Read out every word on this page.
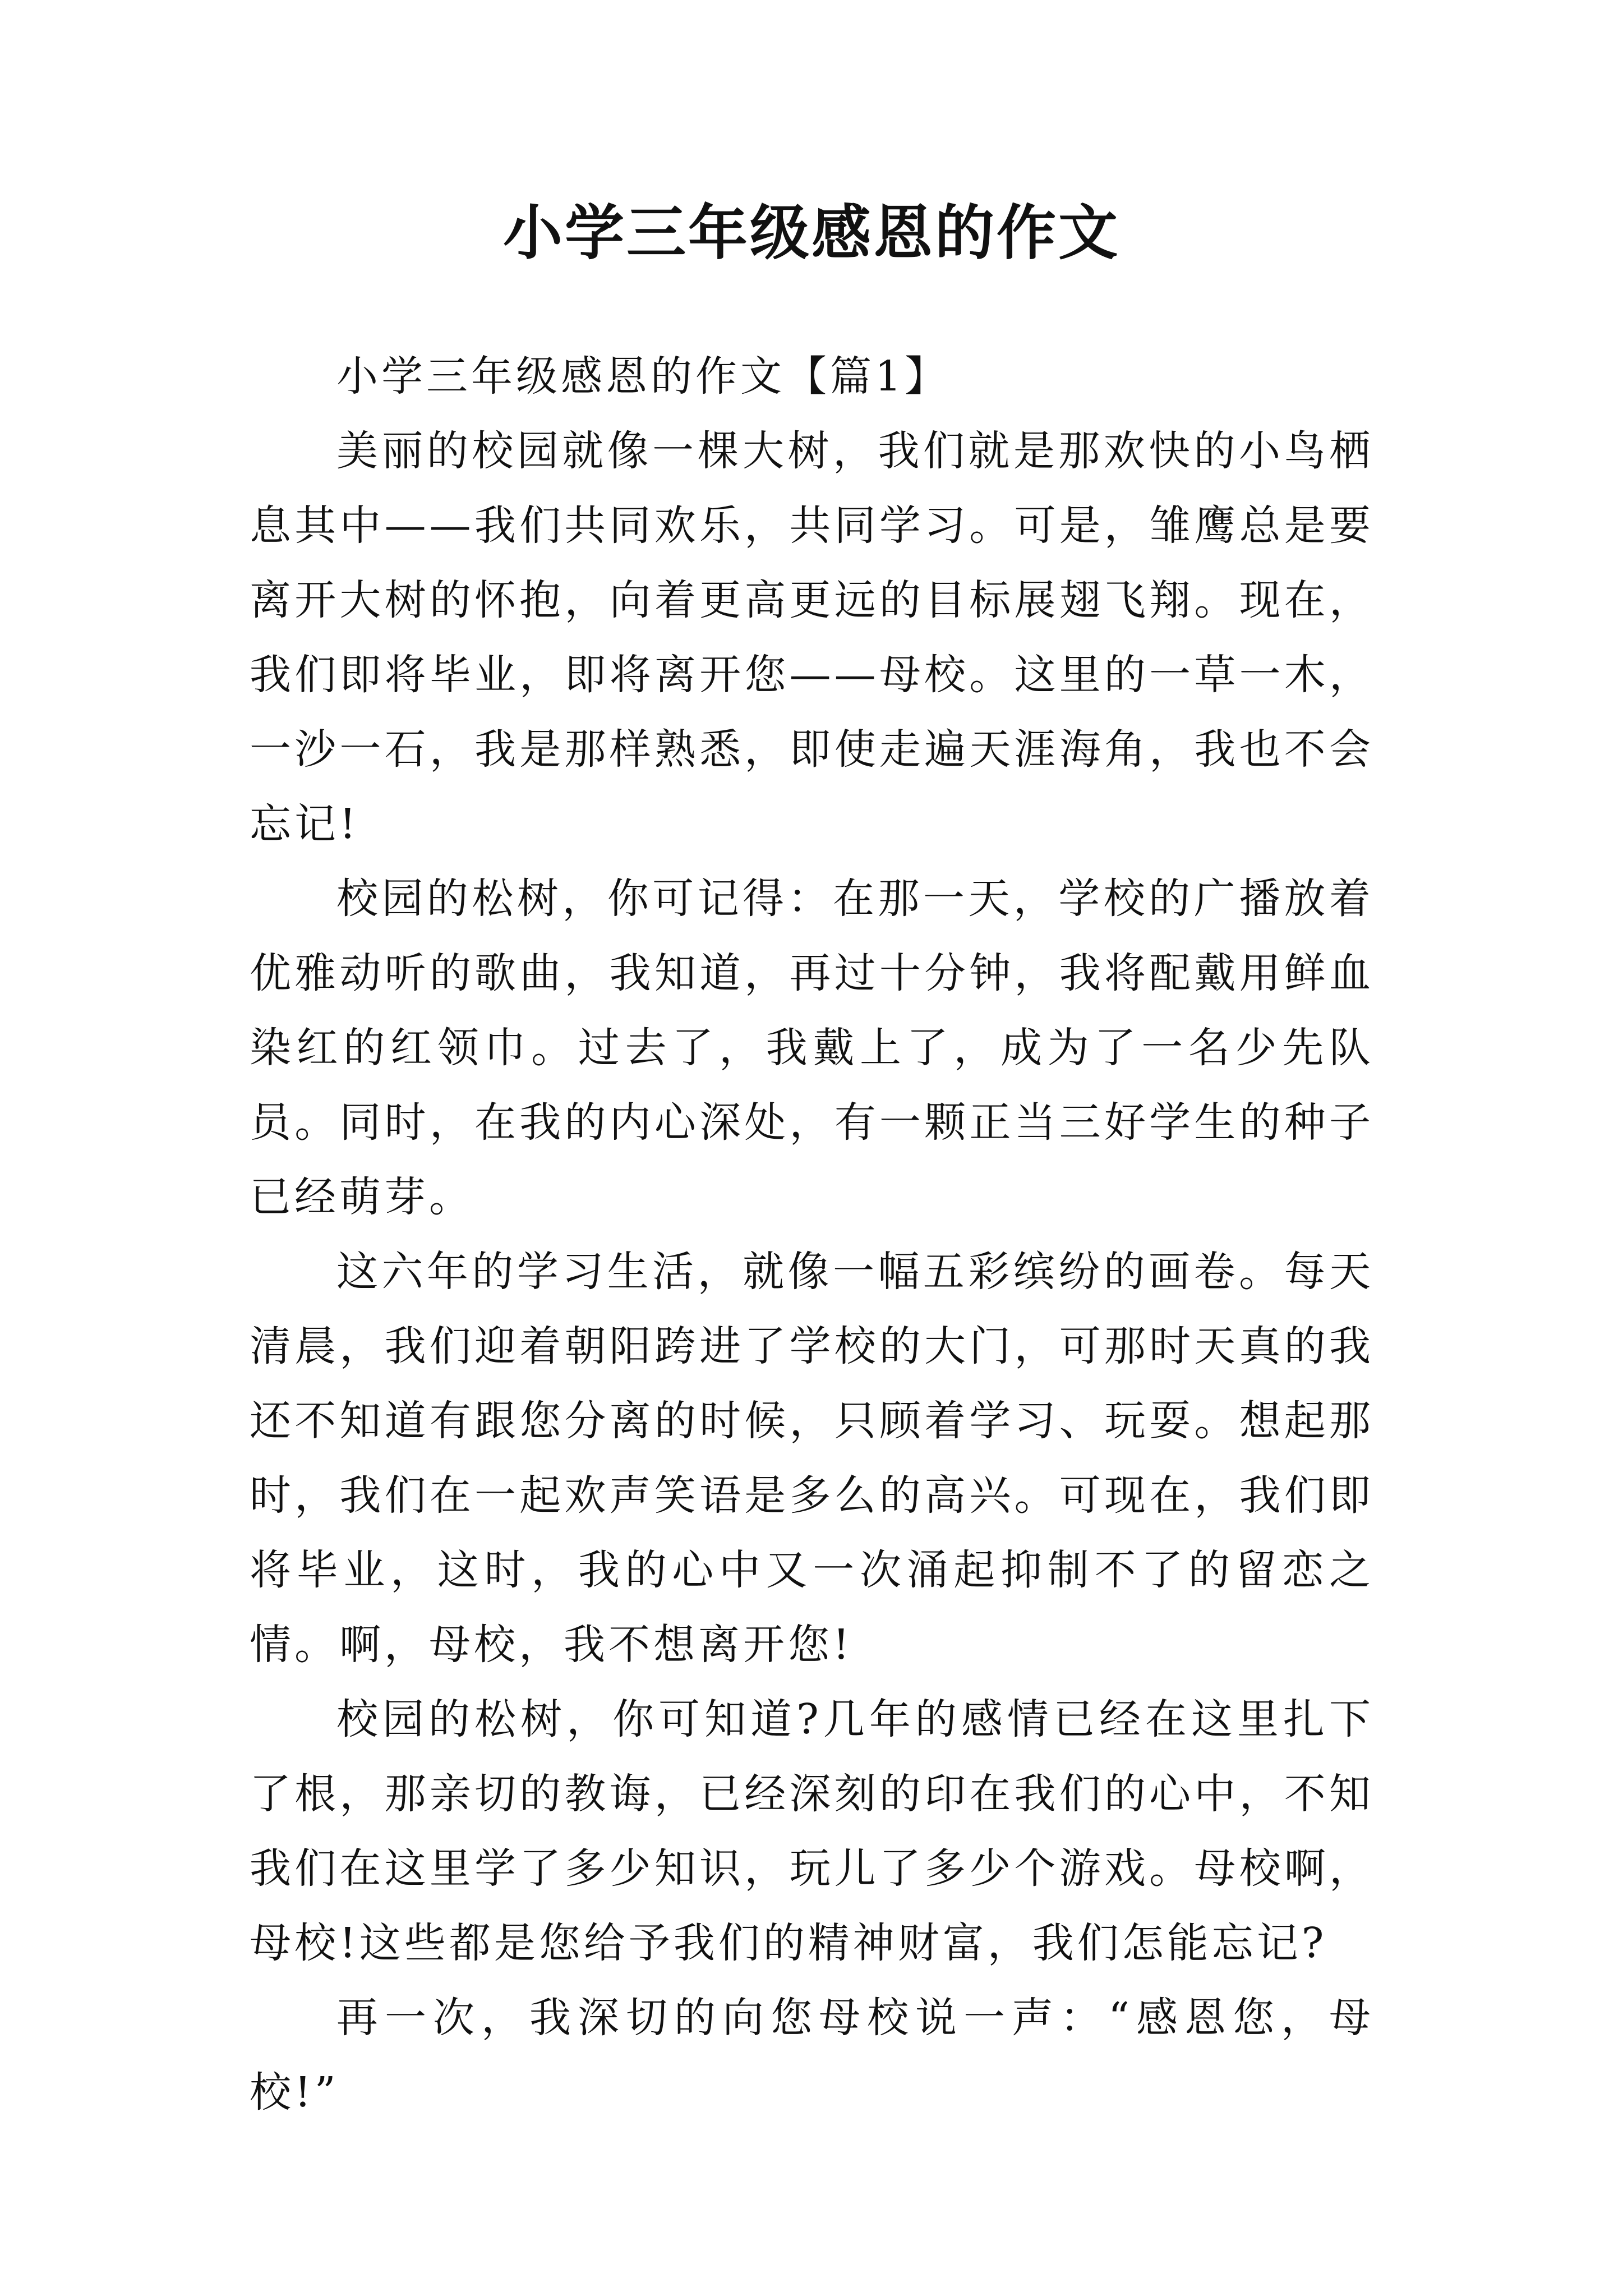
小学三年级感恩的作文

小学三年级感恩的作文【篇1】

美丽的校园就像一棵大树，我们就是那欢快的小鸟栖息其中——我们共同欢乐，共同学习。可是，雏鹰总是要离开大树的怀抱，向着更高更远的目标展翅飞翔。现在，我们即将毕业，即将离开您——母校。这里的一草一木，一沙一石，我是那样熟悉，即使走遍天涯海角，我也不会忘记!

校园的松树，你可记得：在那一天，学校的广播放着优雅动听的歌曲，我知道，再过十分钟，我将配戴用鲜血染红的红领巾。过去了，我戴上了，成为了一名少先队员。同时，在我的内心深处，有一颗正当三好学生的种子已经萌芽。

这六年的学习生活，就像一幅五彩缤纷的画卷。每天清晨，我们迎着朝阳跨进了学校的大门，可那时天真的我还不知道有跟您分离的时候，只顾着学习、玩耍。想起那时，我们在一起欢声笑语是多么的高兴。可现在，我们即将毕业，这时，我的心中又一次涌起抑制不了的留恋之情。啊，母校，我不想离开您!

校园的松树，你可知道?几年的感情已经在这里扎下了根，那亲切的教诲，已经深刻的印在我们的心中，不知我们在这里学了多少知识，玩儿了多少个游戏。母校啊，母校!这些都是您给予我们的精神财富，我们怎能忘记?

再一次，我深切的向您母校说一声：“感恩您，母校!”
